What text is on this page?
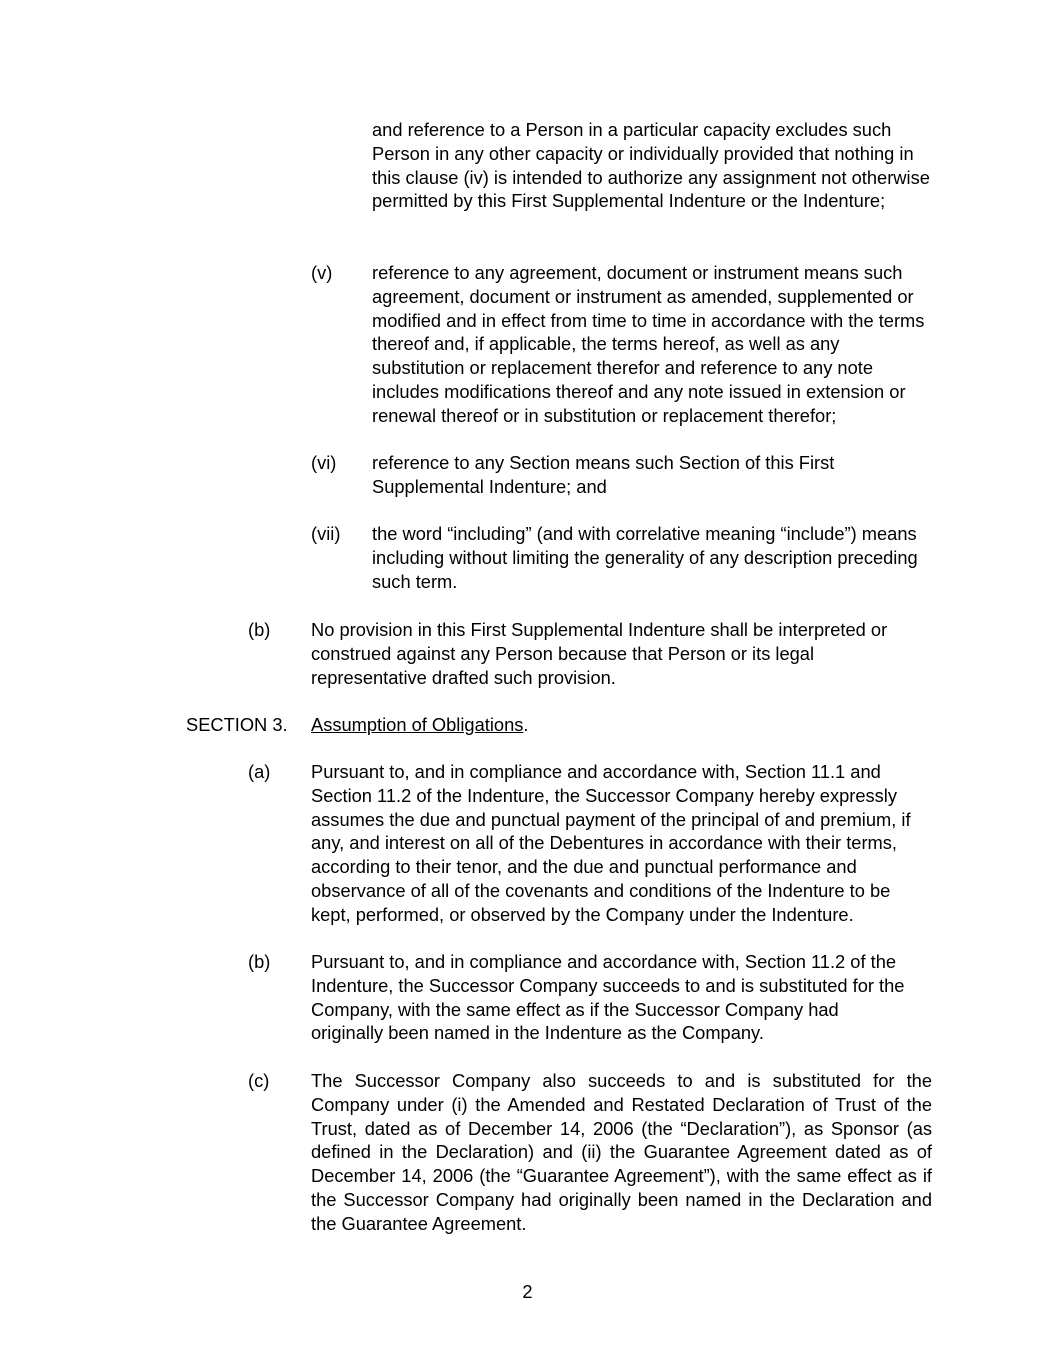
and reference to a Person in a particular capacity excludes such Person in any other capacity or individually provided that nothing in this clause (iv) is intended to authorize any assignment not otherwise permitted by this First Supplemental Indenture or the Indenture;

(v) reference to any agreement, document or instrument means such agreement, document or instrument as amended, supplemented or modified and in effect from time to time in accordance with the terms thereof and, if applicable, the terms hereof, as well as any substitution or replacement therefor and reference to any note includes modifications thereof and any note issued in extension or renewal thereof or in substitution or replacement therefor;

(vi) reference to any Section means such Section of this First Supplemental Indenture; and

(vii) the word “including” (and with correlative meaning “include”) means including without limiting the generality of any description preceding such term.

(b) No provision in this First Supplemental Indenture shall be interpreted or construed against any Person because that Person or its legal representative drafted such provision.

SECTION 3. Assumption of Obligations.

(a) Pursuant to, and in compliance and accordance with, Section 11.1 and Section 11.2 of the Indenture, the Successor Company hereby expressly assumes the due and punctual payment of the principal of and premium, if any, and interest on all of the Debentures in accordance with their terms, according to their tenor, and the due and punctual performance and observance of all of the covenants and conditions of the Indenture to be kept, performed, or observed by the Company under the Indenture.

(b) Pursuant to, and in compliance and accordance with, Section 11.2 of the Indenture, the Successor Company succeeds to and is substituted for the Company, with the same effect as if the Successor Company had originally been named in the Indenture as the Company.

(c) The Successor Company also succeeds to and is substituted for the Company under (i) the Amended and Restated Declaration of Trust of the Trust, dated as of December 14, 2006 (the “Declaration”), as Sponsor (as defined in the Declaration) and (ii) the Guarantee Agreement dated as of December 14, 2006 (the “Guarantee Agreement”), with the same effect as if the Successor Company had originally been named in the Declaration and the Guarantee Agreement.

2
